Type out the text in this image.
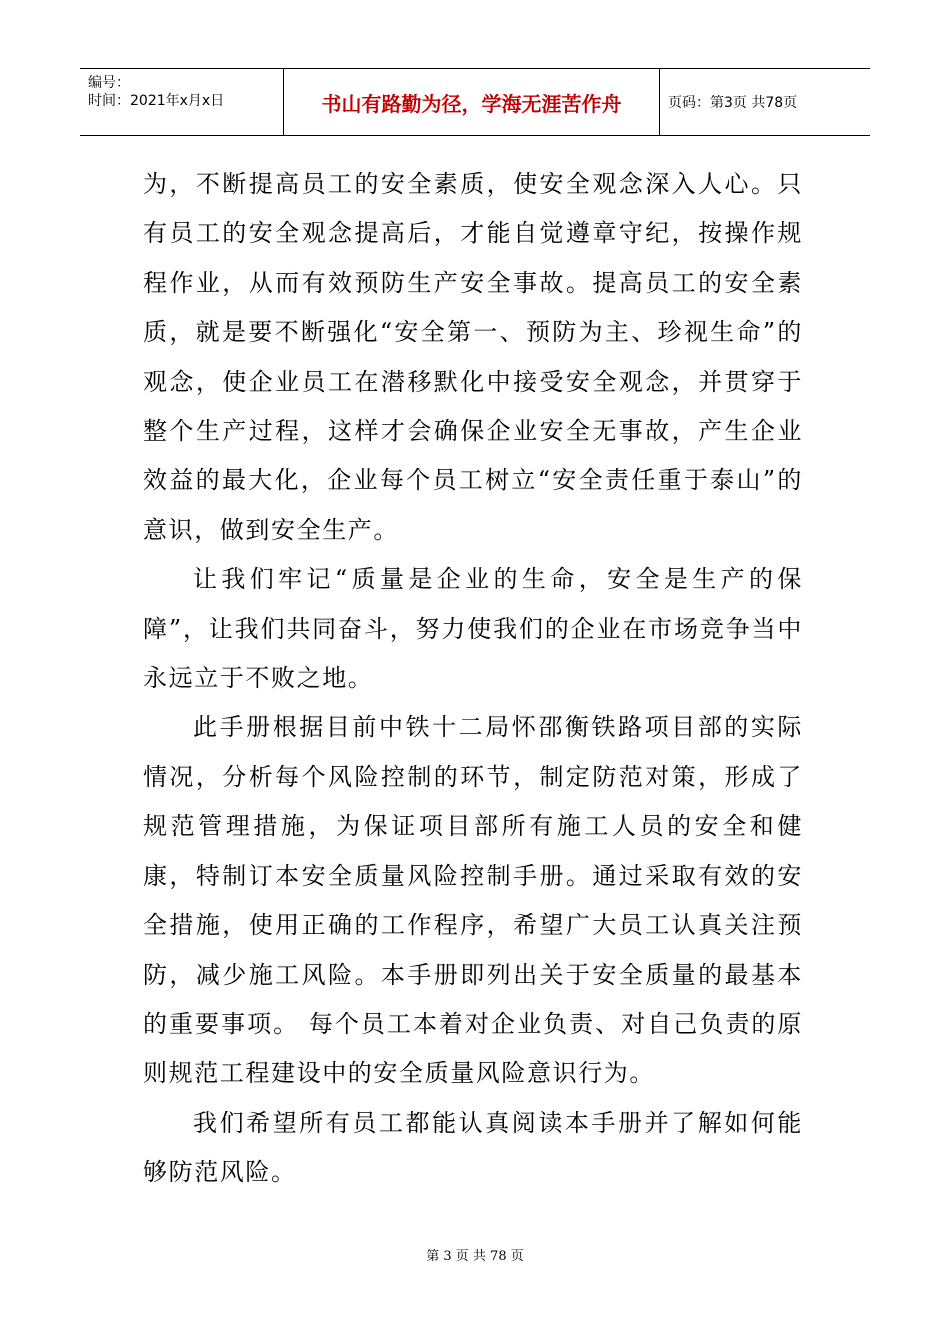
编号：
时间：2021年x月x日	书山有路勤为径，学海无涯苦作舟	页码：第3页 共78页

为，不断提高员工的安全素质，使安全观念深入人心。只有员工的安全观念提高后，才能自觉遵章守纪，按操作规程作业，从而有效预防生产安全事故。提高员工的安全素质，就是要不断强化“安全第一、预防为主、珍视生命”的观念，使企业员工在潜移默化中接受安全观念，并贯穿于整个生产过程，这样才会确保企业安全无事故，产生企业效益的最大化，企业每个员工树立“安全责任重于泰山”的意识，做到安全生产。

让我们牢记“质量是企业的生命，安全是生产的保障”，让我们共同奋斗，努力使我们的企业在市场竞争当中永远立于不败之地。

此手册根据目前中铁十二局怀邵衡铁路项目部的实际情况，分析每个风险控制的环节，制定防范对策，形成了规范管理措施，为保证项目部所有施工人员的安全和健康，特制订本安全质量风险控制手册。通过采取有效的安全措施，使用正确的工作程序，希望广大员工认真关注预防，减少施工风险。本手册即列出关于安全质量的最基本的重要事项。 每个员工本着对企业负责、对自己负责的原则规范工程建设中的安全质量风险意识行为。

我们希望所有员工都能认真阅读本手册并了解如何能够防范风险。

第 3 页 共 78 页
